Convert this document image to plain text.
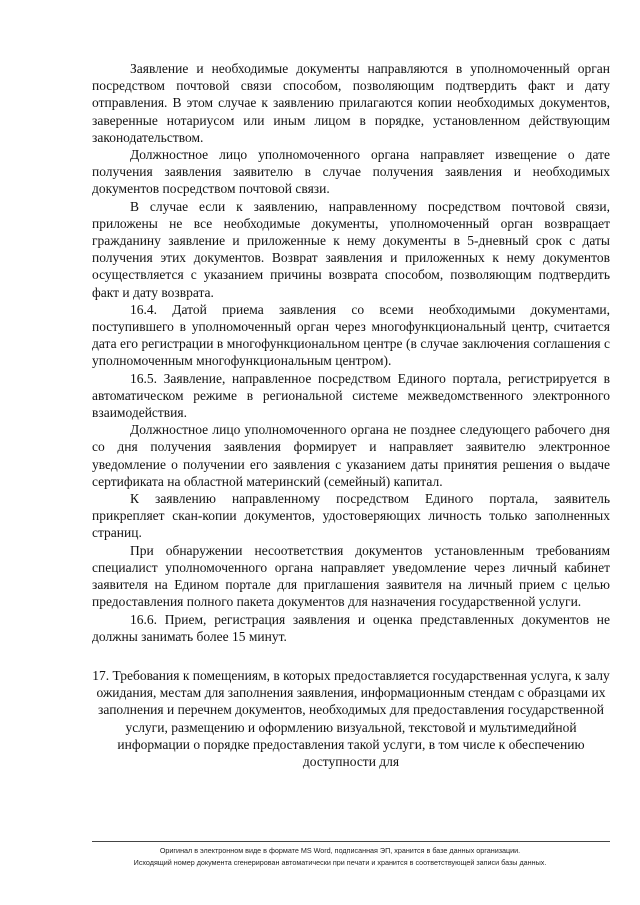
Заявление и необходимые документы направляются в уполномоченный орган посредством почтовой связи способом, позволяющим подтвердить факт и дату отправления. В этом случае к заявлению прилагаются копии необходимых документов, заверенные нотариусом или иным лицом в порядке, установленном действующим законодательством.

Должностное лицо уполномоченного органа направляет извещение о дате получения заявления заявителю в случае получения заявления и необходимых документов посредством почтовой связи.

В случае если к заявлению, направленному посредством почтовой связи, приложены не все необходимые документы, уполномоченный орган возвращает гражданину заявление и приложенные к нему документы в 5-дневный срок с даты получения этих документов. Возврат заявления и приложенных к нему документов осуществляется с указанием причины возврата способом, позволяющим подтвердить факт и дату возврата.

16.4. Датой приема заявления со всеми необходимыми документами, поступившего в уполномоченный орган через многофункциональный центр, считается дата его регистрации в многофункциональном центре (в случае заключения соглашения с уполномоченным многофункциональным центром).

16.5. Заявление, направленное посредством Единого портала, регистрируется в автоматическом режиме в региональной системе межведомственного электронного взаимодействия.

Должностное лицо уполномоченного органа не позднее следующего рабочего дня со дня получения заявления формирует и направляет заявителю электронное уведомление о получении его заявления с указанием даты принятия решения о выдаче сертификата на областной материнский (семейный) капитал.

К заявлению направленному посредством Единого портала, заявитель прикрепляет скан-копии документов, удостоверяющих личность только заполненных страниц.

При обнаружении несоответствия документов установленным требованиям специалист уполномоченного органа направляет уведомление через личный кабинет заявителя на Едином портале для приглашения заявителя на личный прием с целью предоставления полного пакета документов для назначения государственной услуги.

16.6. Прием, регистрация заявления и оценка представленных документов не должны занимать более 15 минут.

17. Требования к помещениям, в которых предоставляется государственная услуга, к залу ожидания, местам для заполнения заявления, информационным стендам с образцами их заполнения и перечнем документов, необходимых для предоставления государственной услуги, размещению и оформлению визуальной, текстовой и мультимедийной информации о порядке предоставления такой услуги, в том числе к обеспечению доступности для

Оригинал в электронном виде в формате MS Word, подписанная ЭП, хранится в базе данных организации.
Исходящий номер документа сгенерирован автоматически при печати и хранится в соответствующей записи базы данных.
